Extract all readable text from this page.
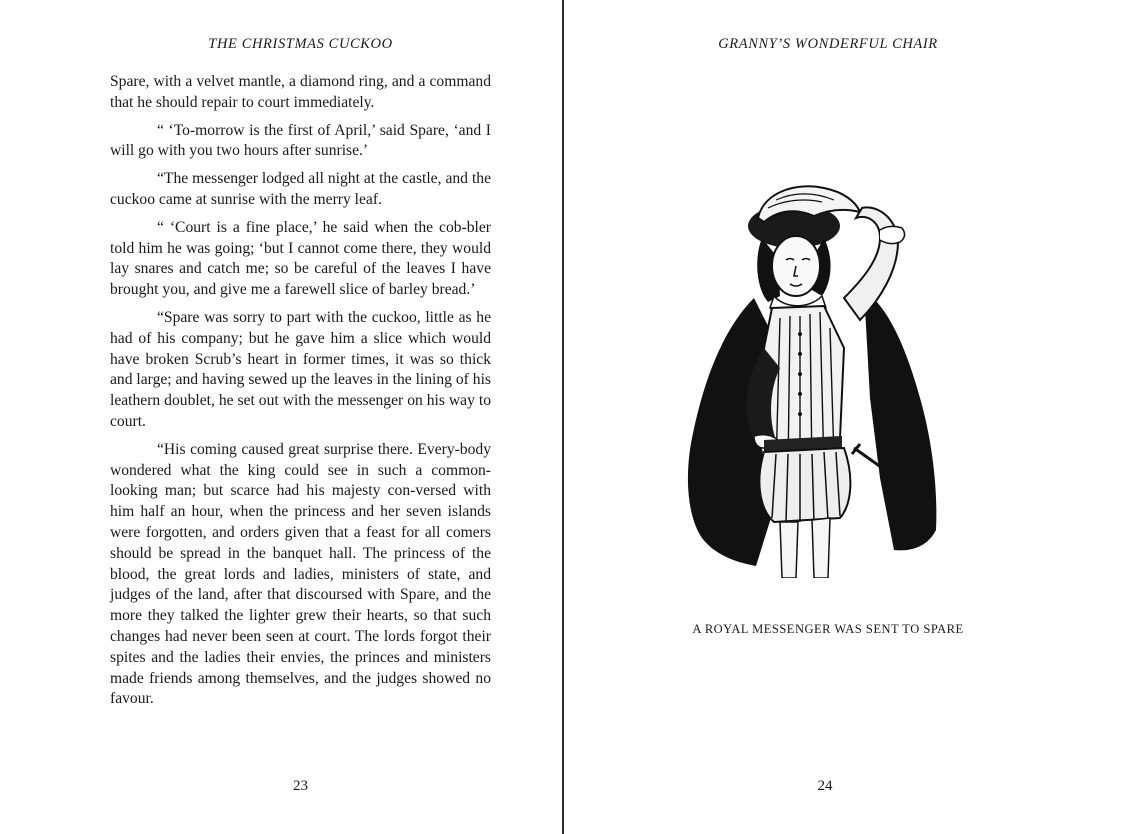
THE CHRISTMAS CUCKOO

Spare, with a velvet mantle, a diamond ring, and a command that he should repair to court immediately.

“ ‘To-morrow is the first of April,’ said Spare, ‘and I will go with you two hours after sunrise.’

“The messenger lodged all night at the castle, and the cuckoo came at sunrise with the merry leaf.

“ ‘Court is a fine place,’ he said when the cob-bler told him he was going; ‘but I cannot come there, they would lay snares and catch me; so be careful of the leaves I have brought you, and give me a farewell slice of barley bread.’

“Spare was sorry to part with the cuckoo, little as he had of his company; but he gave him a slice which would have broken Scrub’s heart in former times, it was so thick and large; and having sewed up the leaves in the lining of his leathern doublet, he set out with the messenger on his way to court.

“His coming caused great surprise there. Every-body wondered what the king could see in such a common-looking man; but scarce had his majesty con-versed with him half an hour, when the princess and her seven islands were forgotten, and orders given that a feast for all comers should be spread in the banquet hall. The princess of the blood, the great lords and ladies, ministers of state, and judges of the land, after that discoursed with Spare, and the more they talked the lighter grew their hearts, so that such changes had never been seen at court. The lords forgot their spites and the ladies their envies, the princes and ministers made friends among themselves, and the judges showed no favour.

23
GRANNY’S WONDERFUL CHAIR
A ROYAL MESSENGER WAS SENT TO SPARE
24
